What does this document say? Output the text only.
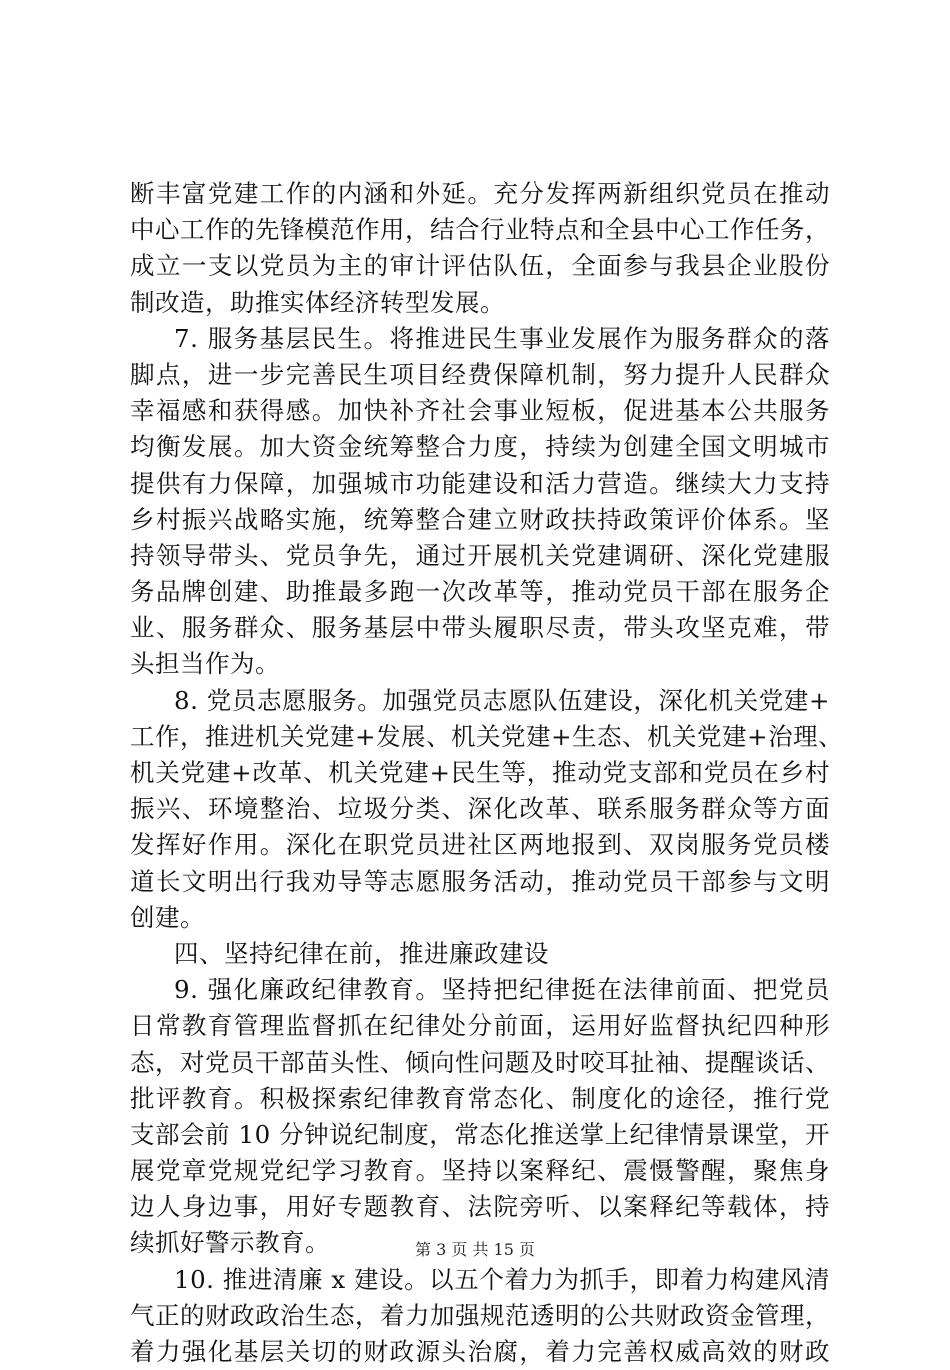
断丰富党建工作的内涵和外延。充分发挥两新组织党员在推动
中心工作的先锋模范作用，结合行业特点和全县中心工作任务，
成立一支以党员为主的审计评估队伍，全面参与我县企业股份
制改造，助推实体经济转型发展。
7. 服务基层民生。将推进民生事业发展作为服务群众的落
脚点，进一步完善民生项目经费保障机制，努力提升人民群众
幸福感和获得感。加快补齐社会事业短板，促进基本公共服务
均衡发展。加大资金统筹整合力度，持续为创建全国文明城市
提供有力保障，加强城市功能建设和活力营造。继续大力支持
乡村振兴战略实施，统筹整合建立财政扶持政策评价体系。坚
持领导带头、党员争先，通过开展机关党建调研、深化党建服
务品牌创建、助推最多跑一次改革等，推动党员干部在服务企
业、服务群众、服务基层中带头履职尽责，带头攻坚克难，带
头担当作为。
8. 党员志愿服务。加强党员志愿队伍建设，深化机关党建+
工作，推进机关党建+发展、机关党建+生态、机关党建+治理、
机关党建+改革、机关党建+民生等，推动党支部和党员在乡村
振兴、环境整治、垃圾分类、深化改革、联系服务群众等方面
发挥好作用。深化在职党员进社区两地报到、双岗服务党员楼
道长文明出行我劝导等志愿服务活动，推动党员干部参与文明
创建。
四、坚持纪律在前，推进廉政建设
9. 强化廉政纪律教育。坚持把纪律挺在法律前面、把党员
日常教育管理监督抓在纪律处分前面，运用好监督执纪四种形
态，对党员干部苗头性、倾向性问题及时咬耳扯袖、提醒谈话、
批评教育。积极探索纪律教育常态化、制度化的途径，推行党
支部会前 10 分钟说纪制度，常态化推送掌上纪律情景课堂，开
展党章党规党纪学习教育。坚持以案释纪、震慑警醒，聚焦身
边人身边事，用好专题教育、法院旁听、以案释纪等载体，持
续抓好警示教育。
10. 推进清廉 x 建设。以五个着力为抓手，即着力构建风清
气正的财政政治生态，着力加强规范透明的公共财政资金管理，
着力强化基层关切的财政源头治腐，着力完善权威高效的财政
第 3 页 共 15 页
